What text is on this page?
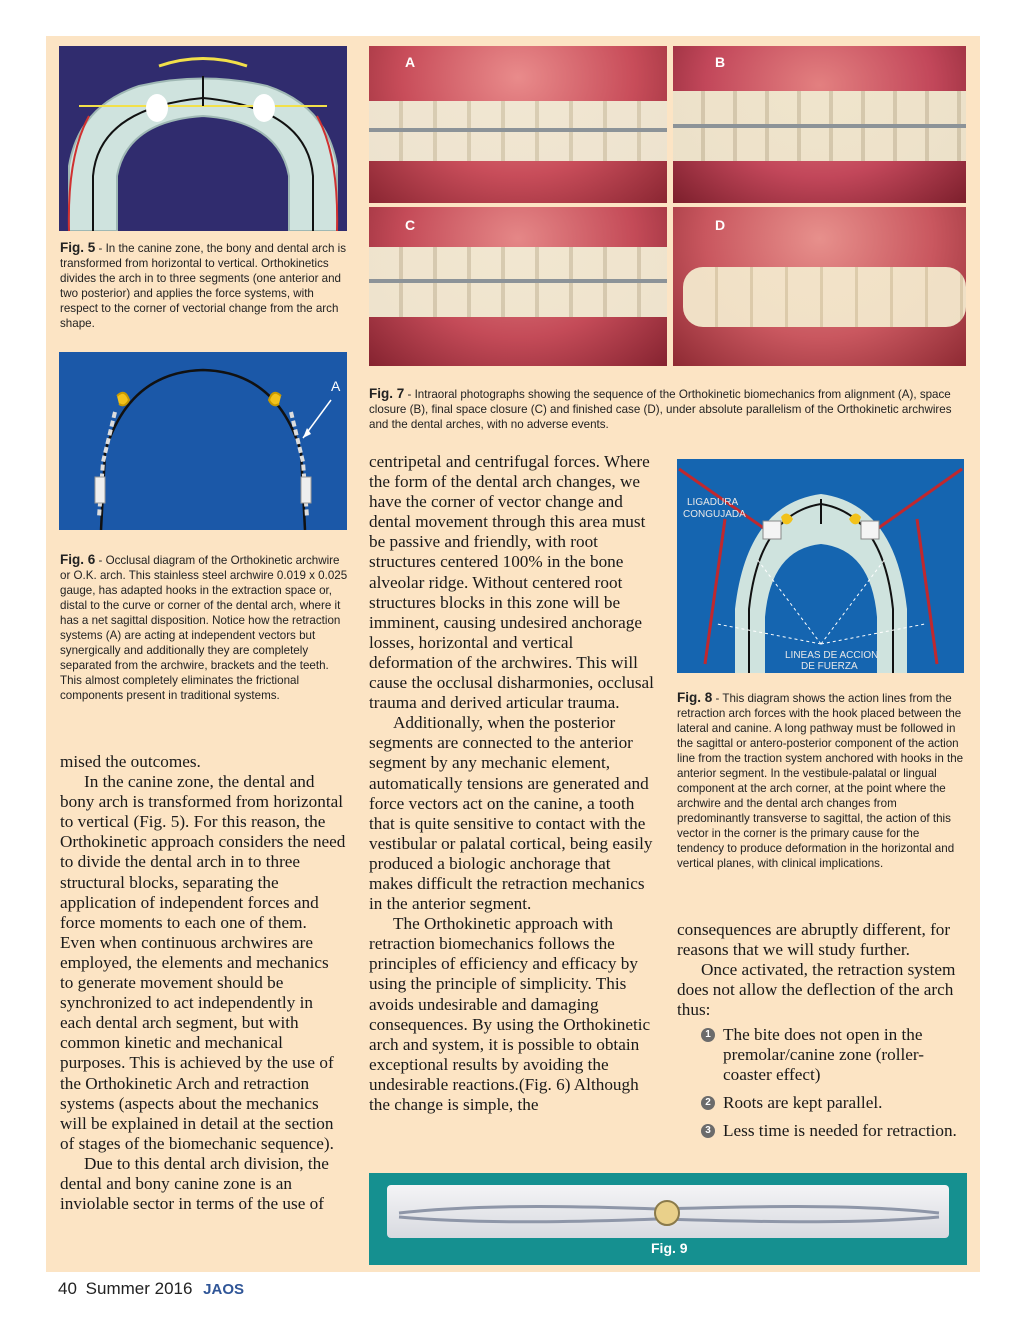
Fig. 5 - In the canine zone, the bony and dental arch is transformed from horizontal to vertical. Orthokinetics divides the arch in to three segments (one anterior and two posterior) and applies the force systems, with respect to the corner of vectorial change from the arch shape.
A
Fig. 6 - Occlusal diagram of the Orthokinetic archwire or O.K. arch. This stainless steel archwire 0.019 x 0.025 gauge, has adapted hooks in the extraction space or, distal to the curve or corner of the dental arch, where it has a net sagittal disposition. Notice how the retraction systems (A) are acting at independent vectors but synergically and additionally they are completely separated from the archwire, brackets and the teeth. This almost completely eliminates the frictional components present in traditional systems.
A	B
C	D
Fig. 7 - Intraoral photographs showing the sequence of the Orthokinetic biomechanics from alignment (A), space closure (B), final space closure (C) and finished case (D), under absolute parallelism of the Orthokinetic archwires and the dental arches, with no adverse events.
LIGADURA
CONGUJADA
LINEAS DE ACCION
DE FUERZA
Fig. 8 - This diagram shows the action lines from the retraction arch forces with the hook placed between the lateral and canine. A long pathway must be followed in the sagittal or antero-posterior component of the action line from the traction system anchored with hooks in the anterior segment. In the vestibule-palatal or lingual component at the arch corner, at the point where the archwire and the dental arch changes from predominantly transverse to sagittal, the action of this vector in the corner is the primary cause for the tendency to produce deformation in the horizontal and vertical planes, with clinical implications.
Fig. 9

mised the outcomes.

In the canine zone, the dental and bony arch is transformed from horizontal to vertical (Fig. 5). For this reason, the Orthokinetic approach considers the need to divide the dental arch in to three structural blocks, separating the application of independent forces and force moments to each one of them. Even when continuous archwires are employed, the elements and mechanics to generate movement should be synchronized to act independently in each dental arch segment, but with common kinetic and mechanical purposes. This is achieved by the use of the Orthokinetic Arch and retraction systems (aspects about the mechanics will be explained in detail at the section of stages of the biomechanic sequence).

Due to this dental arch division, the dental and bony canine zone is an inviolable sector in terms of the use of

centripetal and centrifugal forces. Where the form of the dental arch changes, we have the corner of vector change and dental movement through this area must be passive and friendly, with root structures centered 100% in the bone alveolar ridge. Without centered root structures blocks in this zone will be imminent, causing undesired anchorage losses, horizontal and vertical deformation of the archwires. This will cause the occlusal disharmonies, occlusal trauma and derived articular trauma.

Additionally, when the posterior segments are connected to the anterior segment by any mechanic element, automatically tensions are generated and force vectors act on the canine, a tooth that is quite sensitive to contact with the vestibular or palatal cortical, being easily produced a biologic anchorage that makes difficult the retraction mechanics in the anterior segment.

The Orthokinetic approach with retraction biomechanics follows the principles of efficiency and efficacy by using the principle of simplicity. This avoids undesirable and damaging consequences. By using the Orthokinetic arch and system, it is possible to obtain exceptional results by avoiding the undesirable reactions.(Fig. 6) Although the change is simple, the

consequences are abruptly different, for reasons that we will study further.

Once activated, the retraction system does not allow the deflection of the arch thus:

1 The bite does not open in the premolar/canine zone (roller-coaster effect)
2 Roots are kept parallel.
3 Less time is needed for retraction.
40 Summer 2016 JAOS
